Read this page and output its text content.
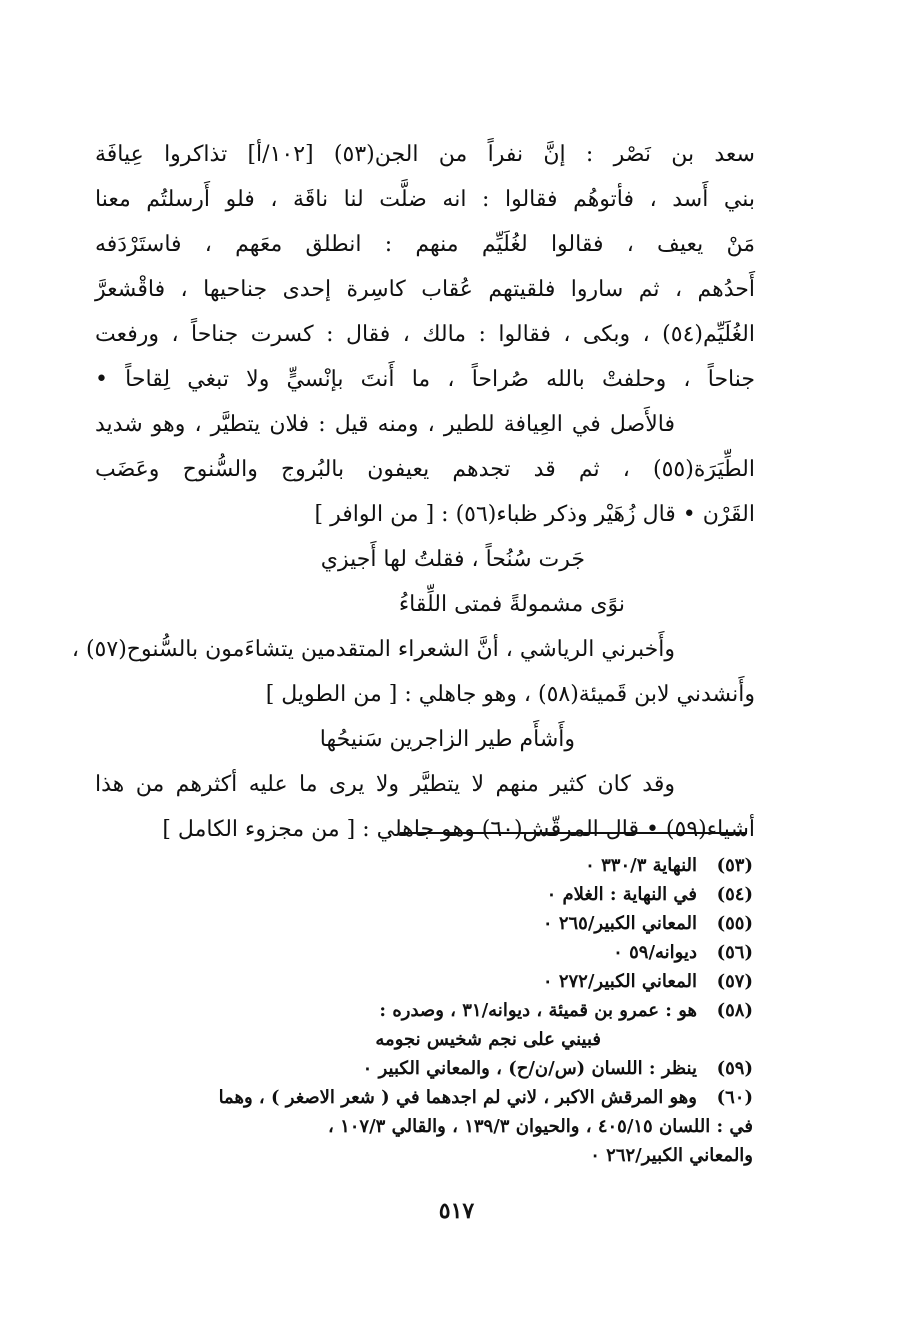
سعد بن نَصْر : إنَّ نفراً من الجن(٥٣) [١٠٢/أ] تذاكروا عِيافَة
بني أَسد ، فأتوهُم فقالوا : انه ضلَّت لنا ناقَة ، فلو أَرسلتُم معنا
مَنْ يعيف ، فقالوا لغُلَيِّم منهم : انطلق معَهم ، فاستَرْدَفه
أَحدُهم ، ثم ساروا فلقيتهم عُقاب كاسِرة إحدى جناحيها ، فاقْشعرَّ
الغُلَيِّم(٥٤) ، وبكى ، فقالوا : مالك ، فقال : كسرت جناحاً ، ورفعت
جناحاً ، وحلفتْ بالله صُراحاً ، ما أَنتَ بإنْسيٍّ ولا تبغي لِقاحاً •
فالأَصل في العِيافة للطير ، ومنه قيل : فلان يتطيَّر ، وهو شديد
الطِّيَرَة(٥٥) ، ثم قد تجدهم يعيفون بالبُروج والسُّنوح وعَضَب
القَرْن • قال زُهَيْر وذكر ظباء(٥٦) : [ من الوافر ]
جَرت سُنُحاً ، فقلتُ لها أَجيزي
نوًى مشمولةً فمتى اللِّقاءُ
وأَخبرني الرياشي ، أنَّ الشعراء المتقدمين يتشاءَمون بالسُّنوح(٥٧) ،
وأَنشدني لابن قَميئة(٥٨) ، وهو جاهلي : [ من الطويل ]
وأَشأَم طير الزاجرين سَنيحُها
وقد كان كثير منهم لا يتطيَّر ولا يرى ما عليه أكثرهم من هذا
أشياء(٥٩) • قال المرقّش(٦٠) وهو جاهلي : [ من مجزوء الكامل ]
(٥٣)
النهاية ٣٣٠/٣ ٠
(٥٤)
في النهاية : الغلام ٠
(٥٥)
المعاني الكبير/٢٦٥ ٠
(٥٦)
ديوانه/٥٩ ٠
(٥٧)
المعاني الكبير/٢٧٢ ٠
(٥٨)
هو : عمرو بن قميئة ، ديوانه/٣١ ، وصدره :
فبيني على نجم شخيس نجومه
(٥٩)
ينظر : اللسان (س/ن/ح) ، والمعاني الكبير ٠
(٦٠)
وهو المرقش الاكبر ، لاني لم اجدهما في ( شعر الاصغر ) ، وهما
في : اللسان ٤٠٥/١٥ ، والحيوان ١٣٩/٣ ، والقالي ١٠٧/٣ ،
والمعاني الكبير/٢٦٢ ٠
٥١٧
